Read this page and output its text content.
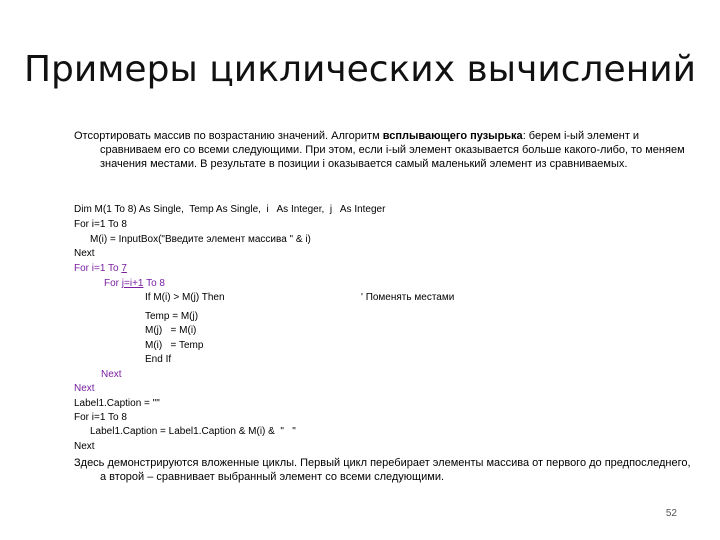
Примеры циклических вычислений

Отсортировать массив по возрастанию значений. Алгоритм всплывающего пузырька: берем i-ый элемент и сравниваем его со всеми следующими. При этом, если i-ый элемент оказывается больше какого-либо, то меняем значения местами. В результате в позиции i оказывается самый маленький элемент из сравниваемых.

Dim M(1 To 8) As Single,  Temp As Single,  i   As Integer,  j   As Integer
For i=1 To 8
M(i) = InputBox("Введите элемент массива " & i)
Next
For i=1 To 7
For j=i+1 To 8
If M(i) > M(j) Then	' Поменять местами
Temp = M(j)
M(j)   = M(i)
M(i)   = Temp
End If
Next
Next
Label1.Caption = ""
For i=1 To 8
Label1.Caption = Label1.Caption & M(i) &  "   "
Next

Здесь демонстрируются вложенные циклы. Первый цикл перебирает элементы массива от первого до предпоследнего, а второй – сравнивает выбранный элемент со всеми следующими.

52
